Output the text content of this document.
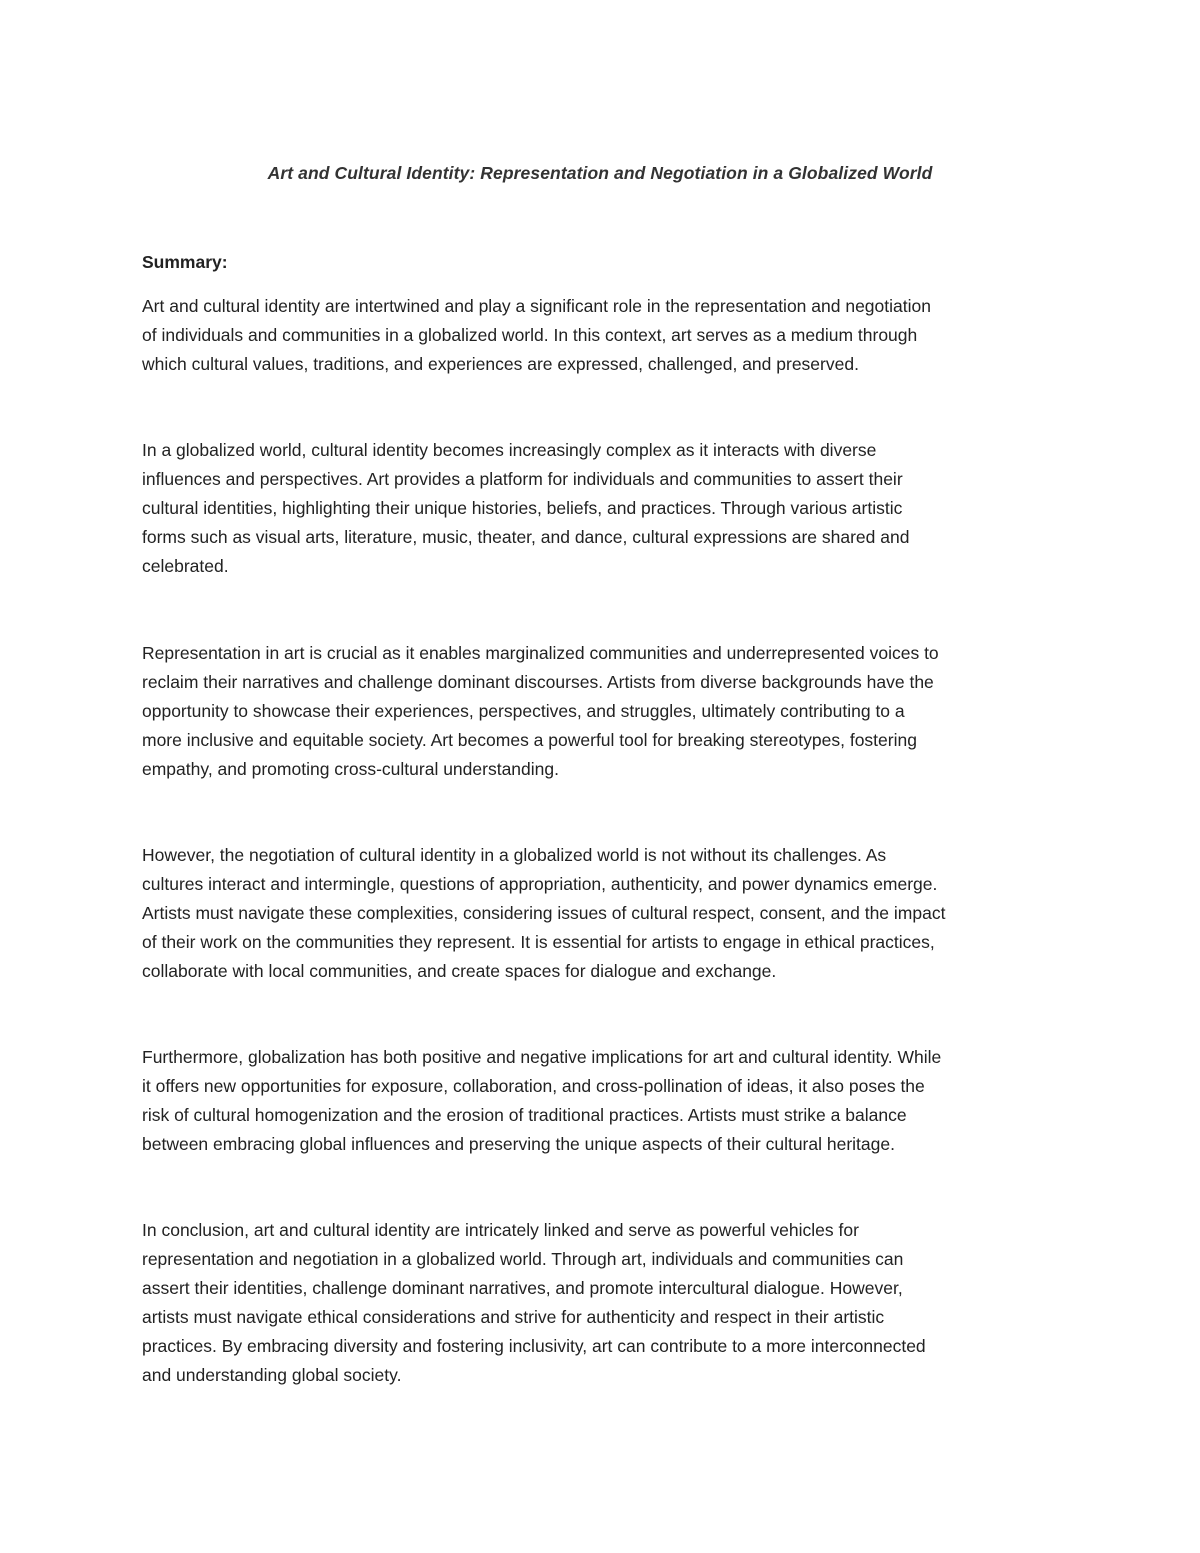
Art and Cultural Identity: Representation and Negotiation in a Globalized World
Summary:

Art and cultural identity are intertwined and play a significant role in the representation and negotiation
of individuals and communities in a globalized world. In this context, art serves as a medium through
which cultural values, traditions, and experiences are expressed, challenged, and preserved.

In a globalized world, cultural identity becomes increasingly complex as it interacts with diverse
influences and perspectives. Art provides a platform for individuals and communities to assert their
cultural identities, highlighting their unique histories, beliefs, and practices. Through various artistic
forms such as visual arts, literature, music, theater, and dance, cultural expressions are shared and
celebrated.

Representation in art is crucial as it enables marginalized communities and underrepresented voices to
reclaim their narratives and challenge dominant discourses. Artists from diverse backgrounds have the
opportunity to showcase their experiences, perspectives, and struggles, ultimately contributing to a
more inclusive and equitable society. Art becomes a powerful tool for breaking stereotypes, fostering
empathy, and promoting cross-cultural understanding.

However, the negotiation of cultural identity in a globalized world is not without its challenges. As
cultures interact and intermingle, questions of appropriation, authenticity, and power dynamics emerge.
Artists must navigate these complexities, considering issues of cultural respect, consent, and the impact
of their work on the communities they represent. It is essential for artists to engage in ethical practices,
collaborate with local communities, and create spaces for dialogue and exchange.

Furthermore, globalization has both positive and negative implications for art and cultural identity. While
it offers new opportunities for exposure, collaboration, and cross-pollination of ideas, it also poses the
risk of cultural homogenization and the erosion of traditional practices. Artists must strike a balance
between embracing global influences and preserving the unique aspects of their cultural heritage.

In conclusion, art and cultural identity are intricately linked and serve as powerful vehicles for
representation and negotiation in a globalized world. Through art, individuals and communities can
assert their identities, challenge dominant narratives, and promote intercultural dialogue. However,
artists must navigate ethical considerations and strive for authenticity and respect in their artistic
practices. By embracing diversity and fostering inclusivity, art can contribute to a more interconnected
and understanding global society.
